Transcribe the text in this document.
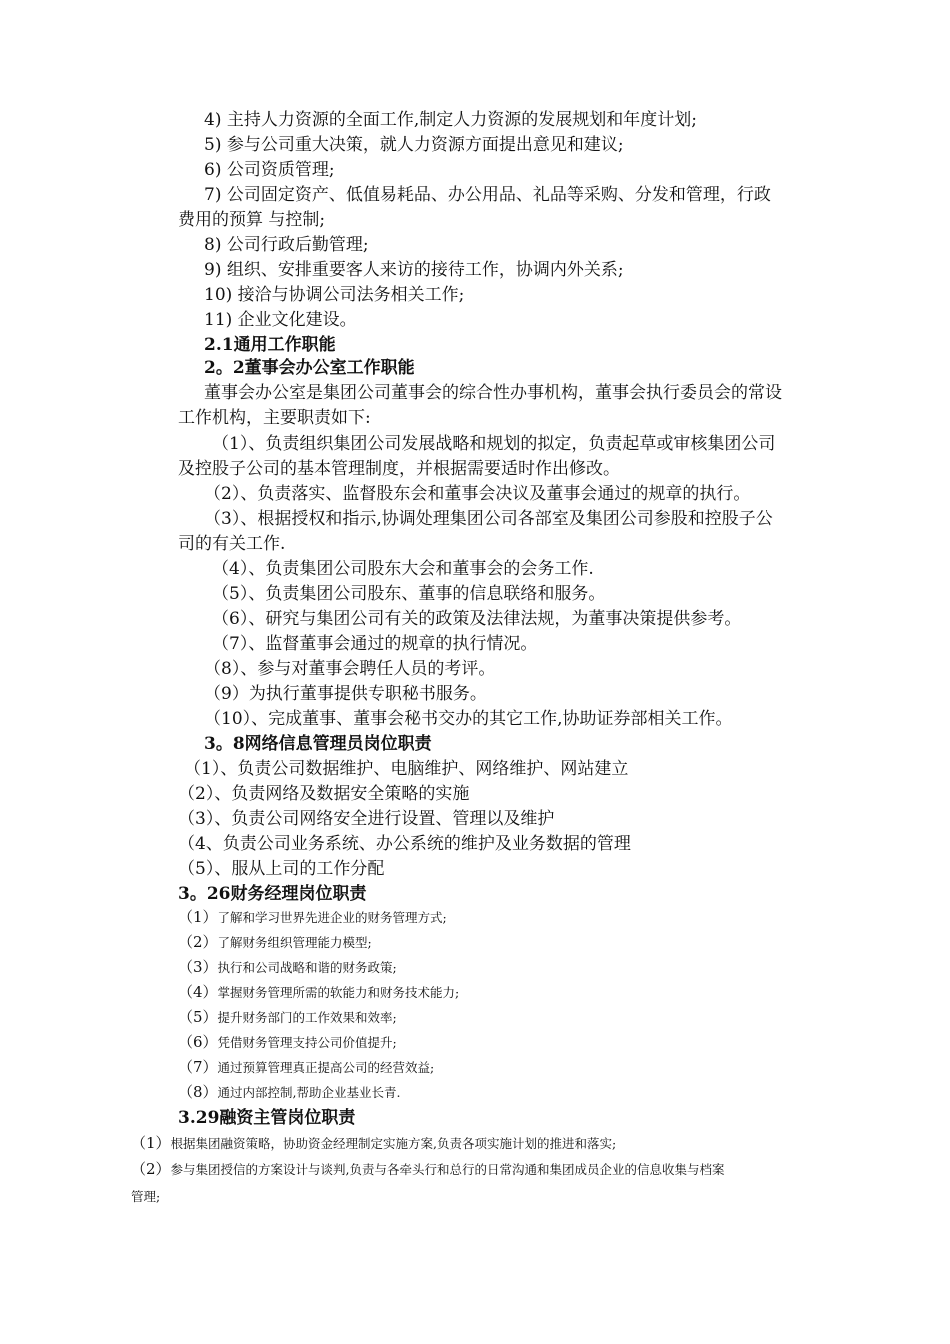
4) 主持人力资源的全面工作,制定人力资源的发展规划和年度计划;
5) 参与公司重大决策，就人力资源方面提出意见和建议;
6) 公司资质管理;
7) 公司固定资产、低值易耗品、办公用品、礼品等采购、分发和管理，行政
费用的预算 与控制;
8) 公司行政后勤管理;
9) 组织、安排重要客人来访的接待工作，协调内外关系;
10) 接洽与协调公司法务相关工作;
11) 企业文化建设。
2.1通用工作职能
2。2董事会办公室工作职能
董事会办公室是集团公司董事会的综合性办事机构，董事会执行委员会的常设
工作机构，主要职责如下:
（1）、负责组织集团公司发展战略和规划的拟定，负责起草或审核集团公司
及控股子公司的基本管理制度，并根据需要适时作出修改。
（2）、负责落实、监督股东会和董事会决议及董事会通过的规章的执行。
（3）、根据授权和指示,协调处理集团公司各部室及集团公司参股和控股子公
司的有关工作.
（4）、负责集团公司股东大会和董事会的会务工作.
（5）、负责集团公司股东、董事的信息联络和服务。
（6）、研究与集团公司有关的政策及法律法规，为董事决策提供参考。
（7）、监督董事会通过的规章的执行情况。
（8）、参与对董事会聘任人员的考评。
（9）为执行董事提供专职秘书服务。
（10）、完成董事、董事会秘书交办的其它工作,协助证券部相关工作。
3。8网络信息管理员岗位职责
（1）、负责公司数据维护、电脑维护、网络维护、网站建立
（2）、负责网络及数据安全策略的实施
（3）、负责公司网络安全进行设置、管理以及维护
（4、负责公司业务系统、办公系统的维护及业务数据的管理
（5）、服从上司的工作分配
3。26财务经理岗位职责
（1）了解和学习世界先进企业的财务管理方式;
（2）了解财务组织管理能力模型;
（3）执行和公司战略和谐的财务政策;
（4）掌握财务管理所需的软能力和财务技术能力;
（5）提升财务部门的工作效果和效率;
（6）凭借财务管理支持公司价值提升;
（7）通过预算管理真正提高公司的经营效益;
（8）通过内部控制,帮助企业基业长青.
3.29融资主管岗位职责
（1）根据集团融资策略，协助资金经理制定实施方案,负责各项实施计划的推进和落实;
（2）参与集团授信的方案设计与谈判,负责与各牵头行和总行的日常沟通和集团成员企业的信息收集与档案
管理;
